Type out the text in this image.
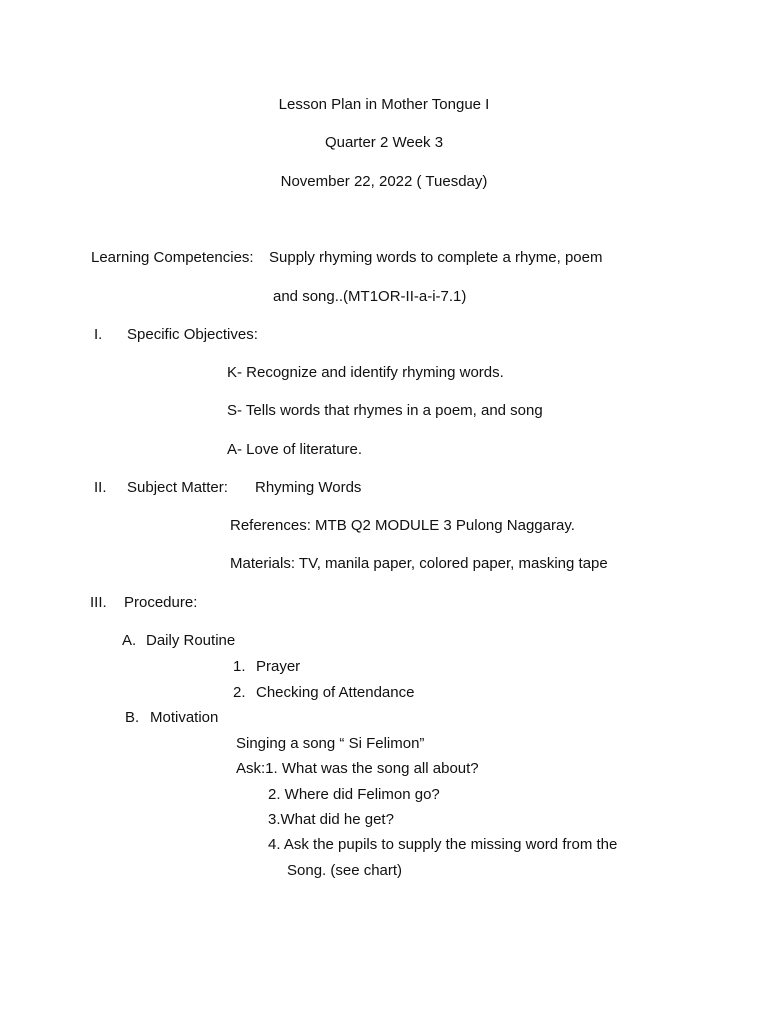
Lesson Plan in Mother Tongue I
Quarter 2 Week 3
November 22, 2022 ( Tuesday)
Learning Competencies: Supply rhyming words to complete a rhyme, poem
and song..(MT1OR-II-a-i-7.1)
I. Specific Objectives:
K- Recognize and identify rhyming words.
S- Tells words that rhymes in a poem, and song
A- Love of literature.
II. Subject Matter: Rhyming Words
References: MTB Q2 MODULE 3 Pulong Naggaray.
Materials: TV, manila paper, colored paper, masking tape
III. Procedure:
A. Daily Routine
1. Prayer
2. Checking of Attendance
B. Motivation
Singing a song “ Si Felimon”
Ask:1. What was the song all about?
2. Where did Felimon go?
3.What did he get?
4. Ask the pupils to supply the missing word from the
Song. (see chart)
